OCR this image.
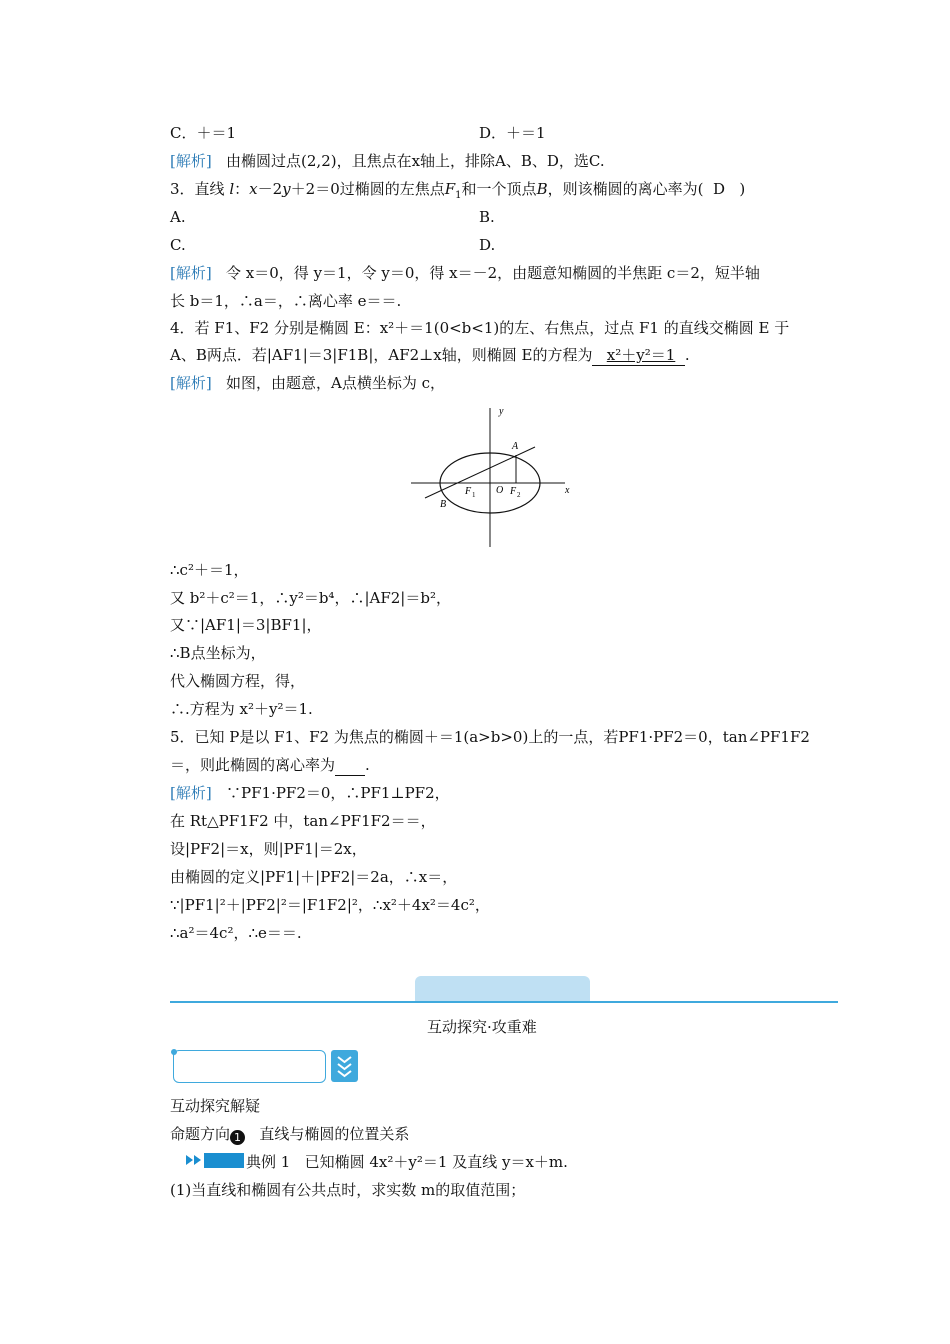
C．＋＝1	D．＋＝1
[解析] 由椭圆过点(2,2)，且焦点在x轴上，排除A、B、D，选C.
3．直线 l：x－2y＋2＝0过椭圆的左焦点$F_1$和一个顶点B，则该椭圆的离心率为( D )
A.	B.
C.	D.
[解析] 令 x＝0，得 y＝1，令 y＝0，得 x＝－2，由题意知椭圆的半焦距 c＝2，短半轴
长 b＝1，∴a＝，∴离心率 e＝＝.
4．若 F1、F2 分别是椭圆 E：x²＋＝1(0<b<1)的左、右焦点，过点 F1 的直线交椭圆 E 于
A、B两点．若|AF1|＝3|F1B|，AF2⊥x轴，则椭圆 E的方程为 x²＋y²＝1 .
[解析] 如图，由题意，A点横坐标为 c，
y
x
A
B
F 1 O F 2
∴c²＋＝1，
又 b²＋c²＝1，∴y²＝b⁴，∴|AF2|＝b²，
又∵|AF1|＝3|BF1|，
∴B点坐标为，
代入椭圆方程，得，
∴.方程为 x²＋y²＝1.
5．已知 P是以 F1、F2 为焦点的椭圆＋＝1(a>b>0)上的一点，若PF1·PF2＝0，tan∠PF1F2
＝，则此椭圆的离心率为 .
[解析] ∵PF1·PF2＝0，∴PF1⊥PF2，
在 Rt△PF1F2 中，tan∠PF1F2＝＝，
设|PF2|＝x，则|PF1|＝2x，
由椭圆的定义|PF1|＋|PF2|＝2a，∴x＝，
∵|PF1|²＋|PF2|²＝|F1F2|²，∴x²＋4x²＝4c²，
∴a²＝4c²，∴e＝＝.
互动探究·攻重难
互动探究解疑
命题方向 1 直线与椭圆的位置关系
典例 1 已知椭圆 4x²＋y²＝1 及直线 y＝x＋m.
(1)当直线和椭圆有公共点时，求实数 m的取值范围；
